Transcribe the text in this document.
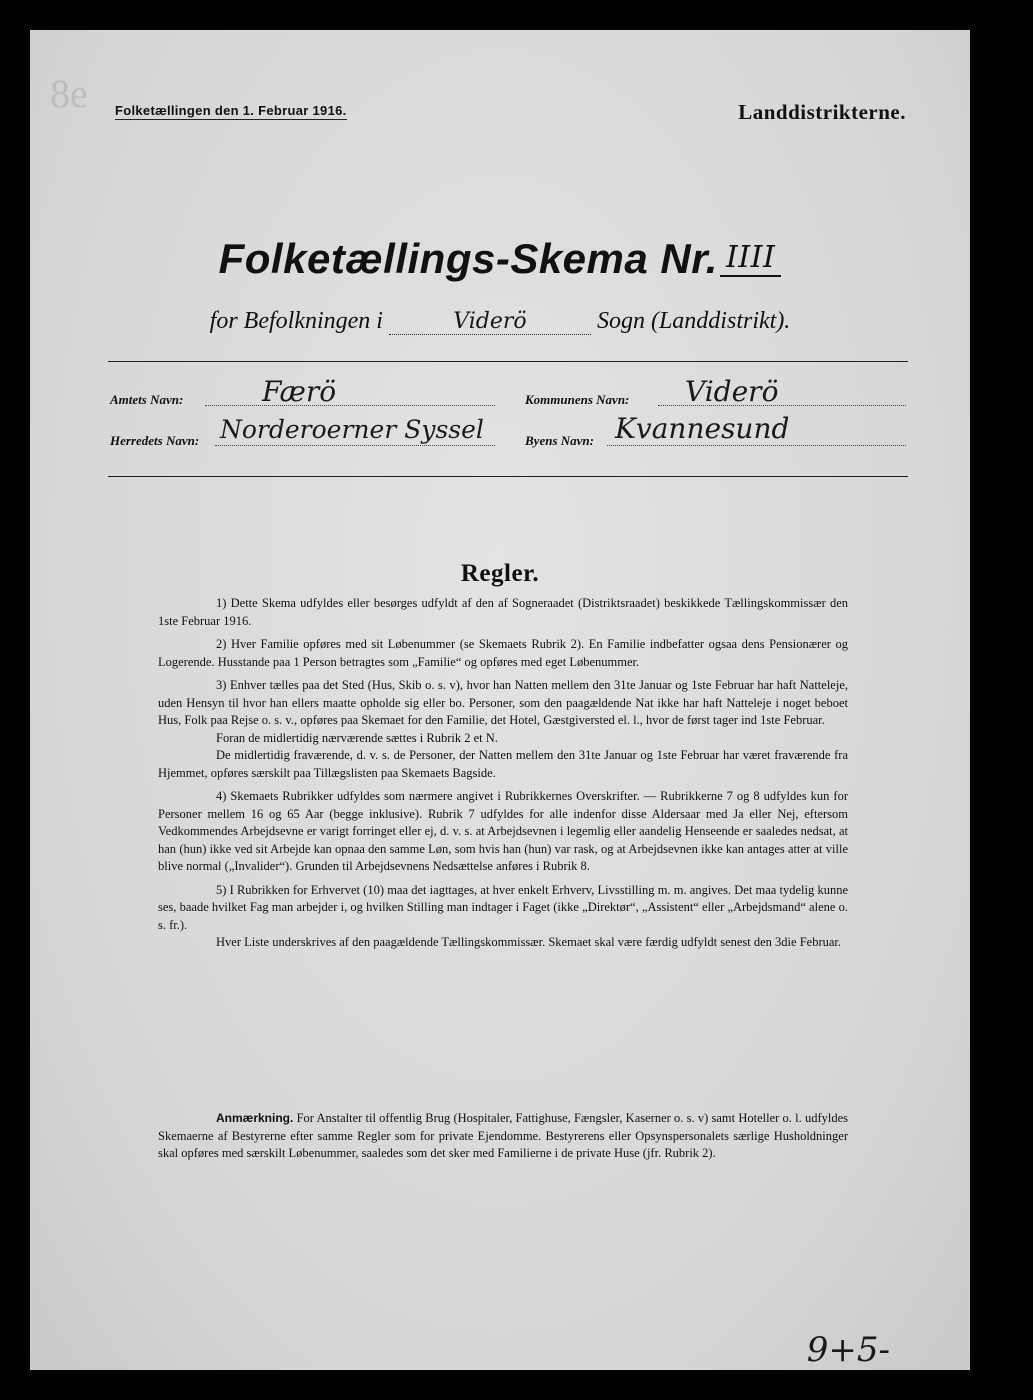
8e Folketællingen den 1. Februar 1916.	Landdistrikterne.
Folketællings-Skema Nr. IIII
for Befolkningen i	Viderö	Sogn (Landdistrikt).
Amtets Navn:	Færö	Kommunens Navn: Viderö
Herredets Navn: Norderoerner Syssel	Byens Navn: Kvannesund
Regler.

1) Dette Skema udfyldes eller besørges udfyldt af den af Sogneraadet (Distriktsraadet) beskikkede Tællingskommissær den 1ste Februar 1916.

2) Hver Familie opføres med sit Løbenummer (se Skemaets Rubrik 2). En Familie indbefatter ogsaa dens Pensionærer og Logerende. Husstande paa 1 Person betragtes som „Familie“ og opføres med eget Løbenummer.

3) Enhver tælles paa det Sted (Hus, Skib o. s. v), hvor han Natten mellem den 31te Januar og 1ste Februar har haft Natteleje, uden Hensyn til hvor han ellers maatte opholde sig eller bo. Personer, som den paagældende Nat ikke har haft Natteleje i noget beboet Hus, Folk paa Rejse o. s. v., opføres paa Skemaet for den Familie, det Hotel, Gæstgiversted el. l., hvor de først tager ind 1ste Februar.

Foran de midlertidig nærværende sættes i Rubrik 2 et N.

De midlertidig fraværende, d. v. s. de Personer, der Natten mellem den 31te Januar og 1ste Februar har været fraværende fra Hjemmet, opføres særskilt paa Tillægslisten paa Skemaets Bagside.

4) Skemaets Rubrikker udfyldes som nærmere angivet i Rubrikkernes Overskrifter. — Rubrikkerne 7 og 8 udfyldes kun for Personer mellem 16 og 65 Aar (begge inklusive). Rubrik 7 udfyldes for alle indenfor disse Aldersaar med Ja eller Nej, eftersom Vedkommendes Arbejdsevne er varigt forringet eller ej, d. v. s. at Arbejdsevnen i legemlig eller aandelig Henseende er saaledes nedsat, at han (hun) ikke ved sit Arbejde kan opnaa den samme Løn, som hvis han (hun) var rask, og at Arbejdsevnen ikke kan antages atter at ville blive normal („Invalider“). Grunden til Arbejdsevnens Nedsættelse anføres i Rubrik 8.

5) I Rubrikken for Erhvervet (10) maa det iagttages, at hver enkelt Erhverv, Livsstilling m. m. angives. Det maa tydelig kunne ses, baade hvilket Fag man arbejder i, og hvilken Stilling man indtager i Faget (ikke „Direktør“, „Assistent“ eller „Arbejdsmand“ alene o. s. fr.).

Hver Liste underskrives af den paagældende Tællingskommissær. Skemaet skal være færdig udfyldt senest den 3die Februar.

Anmærkning. For Anstalter til offentlig Brug (Hospitaler, Fattighuse, Fængsler, Kaserner o. s. v) samt Hoteller o. l. udfyldes Skemaerne af Bestyrerne efter samme Regler som for private Ejendomme. Bestyrerens eller Opsynspersonalets særlige Husholdninger skal opføres med særskilt Løbenummer, saaledes som det sker med Familierne i de private Huse (jfr. Rubrik 2).

9+5-
